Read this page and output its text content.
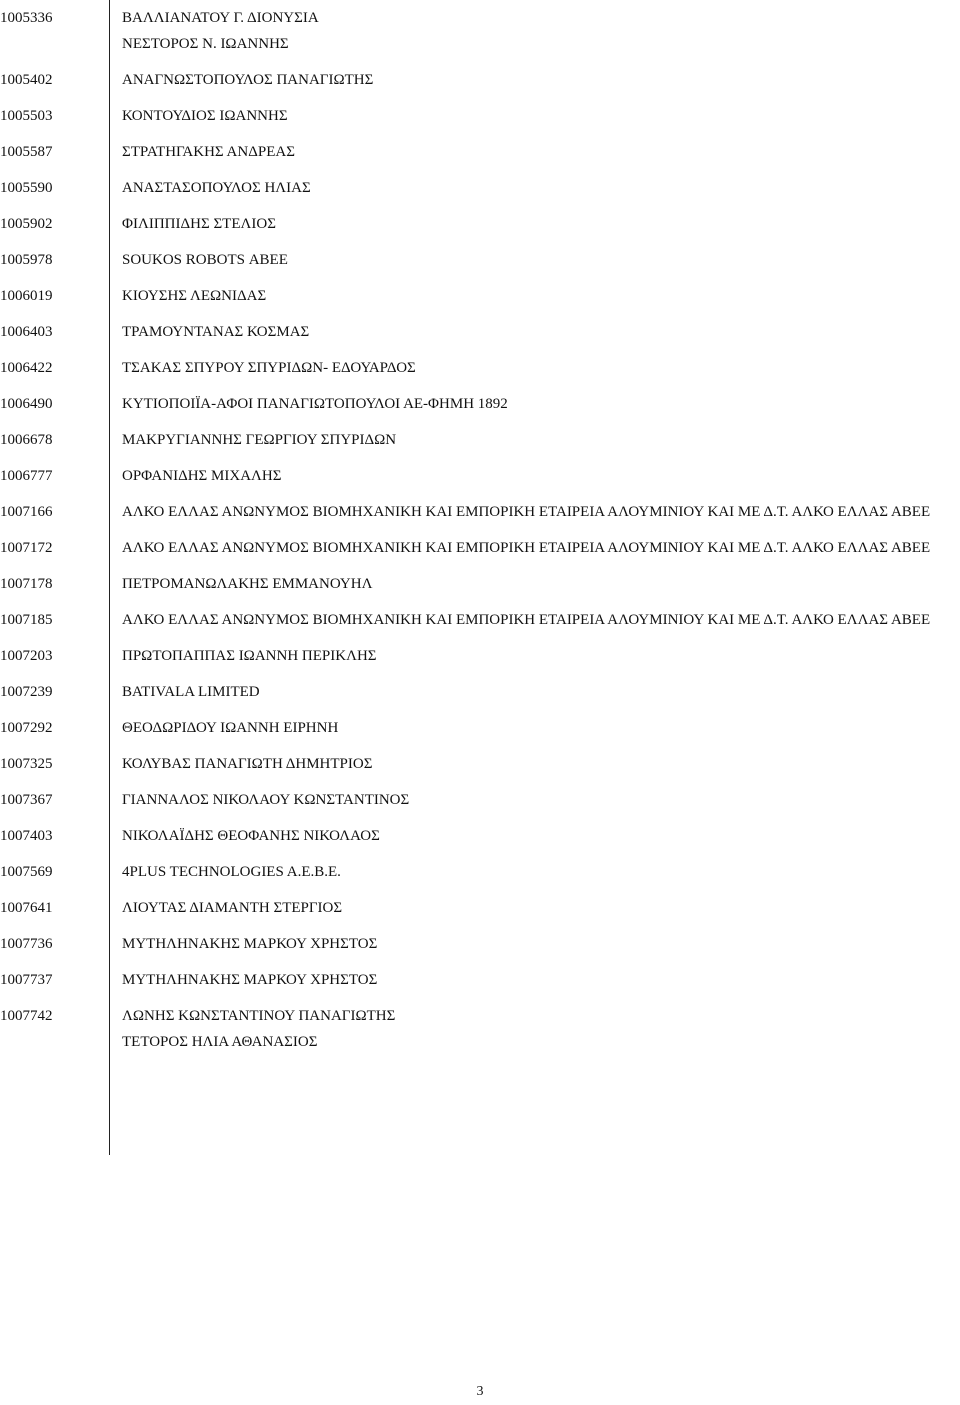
1005336	ΒΑΛΛΙΑΝΑΤΟΥ Γ. ΔΙΟΝΥΣΙΑ
ΝΕΣΤΟΡΟΣ Ν. ΙΩΑΝΝΗΣ
1005402	ΑΝΑΓΝΩΣΤΟΠΟΥΛΟΣ ΠΑΝΑΓΙΩΤΗΣ
1005503	ΚΟΝΤΟΥΔΙΟΣ ΙΩΑΝΝΗΣ
1005587	ΣΤΡΑΤΗΓΑΚΗΣ ΑΝΔΡΕΑΣ
1005590	ΑΝΑΣΤΑΣΟΠΟΥΛΟΣ ΗΛΙΑΣ
1005902	ΦΙΛΙΠΠΙΔΗΣ ΣΤΕΛΙΟΣ
1005978	SOUKOS ROBOTS ΑΒΕΕ
1006019	ΚΙΟΥΣΗΣ ΛΕΩΝΙΔΑΣ
1006403	ΤΡΑΜΟΥΝΤΑΝΑΣ ΚΟΣΜΑΣ
1006422	ΤΣΑΚΑΣ ΣΠΥΡΟΥ ΣΠΥΡΙΔΩΝ- ΕΔΟΥΑΡΔΟΣ
1006490	ΚΥΤΙΟΠΟΙΪΑ-ΑΦΟΙ ΠΑΝΑΓΙΩΤΟΠΟΥΛΟΙ ΑΕ-ΦΗΜΗ 1892
1006678	ΜΑΚΡΥΓΙΑΝΝΗΣ ΓΕΩΡΓΙΟΥ ΣΠΥΡΙΔΩΝ
1006777	ΟΡΦΑΝΙΔΗΣ ΜΙΧΑΛΗΣ
1007166	ΑΛΚΟ ΕΛΛΑΣ ΑΝΩΝΥΜΟΣ ΒΙΟΜΗΧΑΝΙΚΗ ΚΑΙ ΕΜΠΟΡΙΚΗ ΕΤΑΙΡΕΙΑ ΑΛΟΥΜΙΝΙΟΥ ΚΑΙ ΜΕ Δ.Τ. ΑΛΚΟ ΕΛΛΑΣ ΑΒΕΕ
1007172	ΑΛΚΟ ΕΛΛΑΣ ΑΝΩΝΥΜΟΣ ΒΙΟΜΗΧΑΝΙΚΗ ΚΑΙ ΕΜΠΟΡΙΚΗ ΕΤΑΙΡΕΙΑ ΑΛΟΥΜΙΝΙΟΥ ΚΑΙ ΜΕ Δ.Τ. ΑΛΚΟ ΕΛΛΑΣ ΑΒΕΕ
1007178	ΠΕΤΡΟΜΑΝΩΛΑΚΗΣ ΕΜΜΑΝΟΥΗΛ
1007185	ΑΛΚΟ ΕΛΛΑΣ ΑΝΩΝΥΜΟΣ ΒΙΟΜΗΧΑΝΙΚΗ ΚΑΙ ΕΜΠΟΡΙΚΗ ΕΤΑΙΡΕΙΑ ΑΛΟΥΜΙΝΙΟΥ ΚΑΙ ΜΕ Δ.Τ. ΑΛΚΟ ΕΛΛΑΣ ΑΒΕΕ
1007203	ΠΡΩΤΟΠΑΠΠΑΣ ΙΩΑΝΝΗ ΠΕΡΙΚΛΗΣ
1007239	BATIVALA LIMITED
1007292	ΘΕΟΔΩΡΙΔΟΥ ΙΩΑΝΝΗ ΕΙΡΗΝΗ
1007325	ΚΟΛΥΒΑΣ ΠΑΝΑΓΙΩΤΗ ΔΗΜΗΤΡΙΟΣ
1007367	ΓΙΑΝΝΑΛΟΣ ΝΙΚΟΛΑΟΥ ΚΩΝΣΤΑΝΤΙΝΟΣ
1007403	ΝΙΚΟΛΑΪΔΗΣ ΘΕΟΦΑΝΗΣ ΝΙΚΟΛΑΟΣ
1007569	4PLUS TECHNOLOGIES A.E.B.E.
1007641	ΛΙΟΥΤΑΣ ΔΙΑΜΑΝΤΗ ΣΤΕΡΓΙΟΣ
1007736	ΜΥΤΗΛΗΝΑΚΗΣ ΜΑΡΚΟΥ ΧΡΗΣΤΟΣ
1007737	ΜΥΤΗΛΗΝΑΚΗΣ ΜΑΡΚΟΥ ΧΡΗΣΤΟΣ
1007742	ΛΩΝΗΣ ΚΩΝΣΤΑΝΤΙΝΟΥ ΠΑΝΑΓΙΩΤΗΣ
ΤΕΤΟΡΟΣ ΗΛΙΑ ΑΘΑΝΑΣΙΟΣ
3
